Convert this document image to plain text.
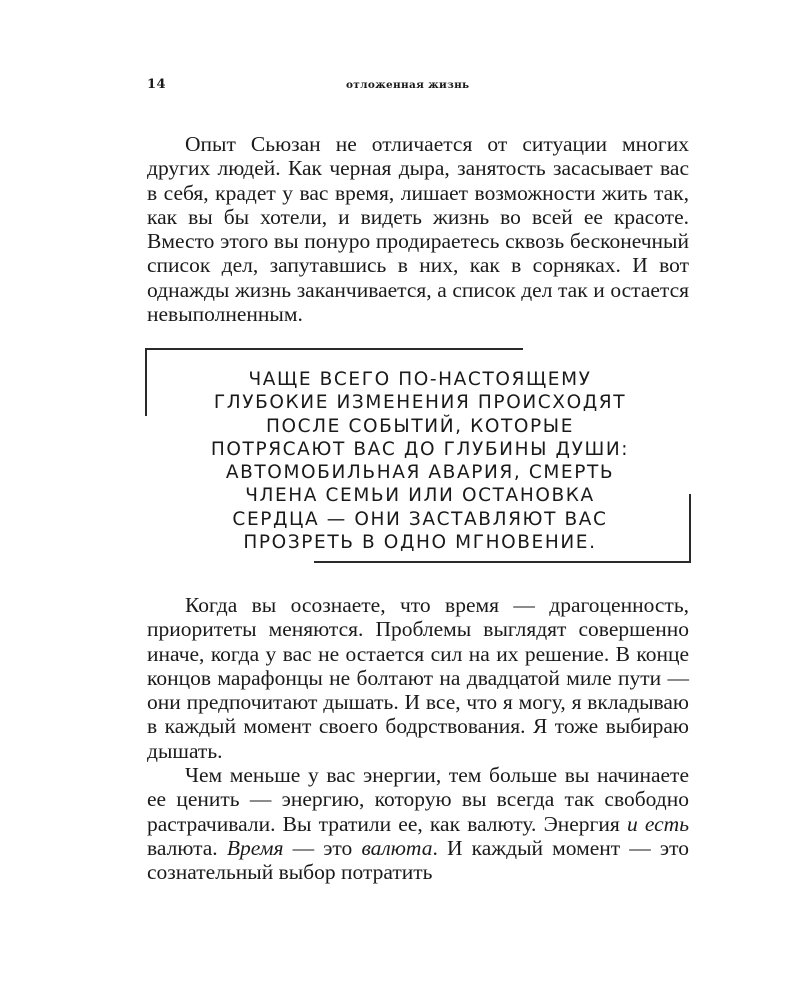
14	отложенная жизнь

Опыт Сьюзан не отличается от ситуации многих других людей. Как черная дыра, занятость засасывает вас в себя, крадет у вас время, лишает возможности жить так, как вы бы хотели, и видеть жизнь во всей ее красоте. Вместо этого вы понуро продираетесь сквозь бесконечный список дел, запутавшись в них, как в сорняках. И вот однажды жизнь заканчивается, а список дел так и остается невыполненным.

ЧАЩЕ ВСЕГО ПО-НАСТОЯЩЕМУ
ГЛУБОКИЕ ИЗМЕНЕНИЯ ПРОИСХОДЯТ
ПОСЛЕ СОБЫТИЙ, КОТОРЫЕ
ПОТРЯСАЮТ ВАС ДО ГЛУБИНЫ ДУШИ:
АВТОМОБИЛЬНАЯ АВАРИЯ, СМЕРТЬ
ЧЛЕНА СЕМЬИ ИЛИ ОСТАНОВКА
СЕРДЦА — ОНИ ЗАСТАВЛЯЮТ ВАС
ПРОЗРЕТЬ В ОДНО МГНОВЕНИЕ.

Когда вы осознаете, что время — драгоценность, приоритеты меняются. Проблемы выглядят совершенно иначе, когда у вас не остается сил на их решение. В конце концов марафонцы не болтают на двадцатой миле пути — они предпочитают дышать. И все, что я могу, я вкладываю в каждый момент своего бодрствования. Я тоже выбираю дышать.

Чем меньше у вас энергии, тем больше вы начинаете ее ценить — энергию, которую вы всегда так свободно растрачивали. Вы тратили ее, как валюту. Энергия и есть валюта. Время — это валюта. И каждый момент — это сознательный выбор потратить
